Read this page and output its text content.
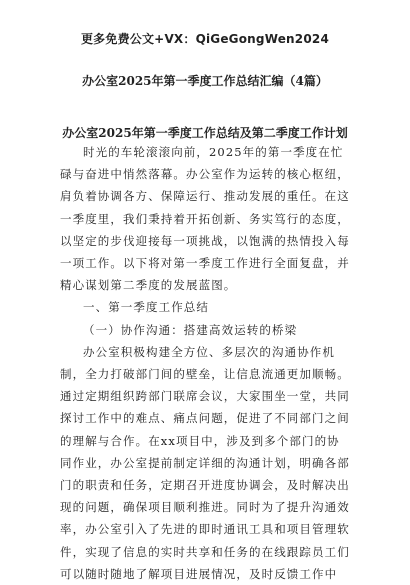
更多免费公文+VX：QiGeGongWen2024
办公室2025年第一季度工作总结汇编（4篇）
办公室2025年第一季度工作总结及第二季度工作计划

时光的车轮滚滚向前，2025年的第一季度在忙碌与奋进中悄然落幕。办公室作为运转的核心枢纽，肩负着协调各方、保障运行、推动发展的重任。在这一季度里，我们秉持着开拓创新、务实笃行的态度，以坚定的步伐迎接每一项挑战，以饱满的热情投入每一项工作。以下将对第一季度工作进行全面复盘，并精心谋划第二季度的发展蓝图。

一、第一季度工作总结

（一）协作沟通：搭建高效运转的桥梁

办公室积极构建全方位、多层次的沟通协作机制，全力打破部门间的壁垒，让信息流通更加顺畅。通过定期组织跨部门联席会议，大家围坐一堂，共同探讨工作中的难点、痛点问题，促进了不同部门之间的理解与合作。在xx项目中，涉及到多个部门的协同作业，办公室提前制定详细的沟通计划，明确各部门的职责和任务，定期召开进度协调会，及时解决出现的问题，确保项目顺利推进。同时为了提升沟通效率，办公室引入了先进的即时通讯工具和项目管理软件，实现了信息的实时共享和任务的在线跟踪员工们可以随时随地了解项目进展情况，及时反馈工作中
